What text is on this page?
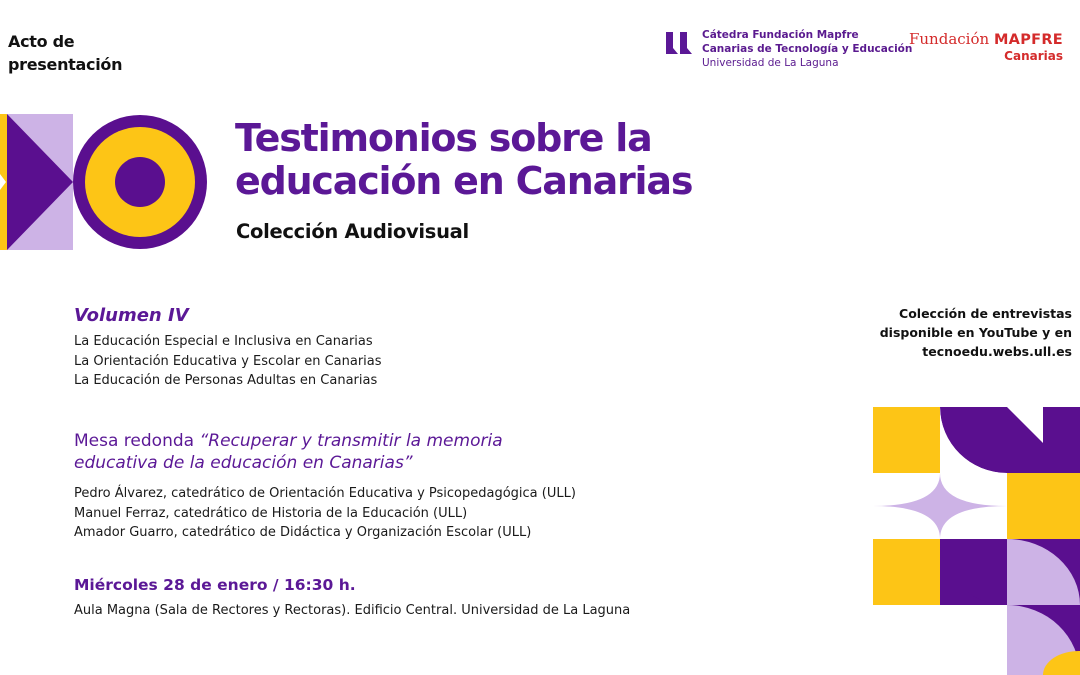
Acto de
presentación
Cátedra Fundación Mapfre
Canarias de Tecnología y Educación
Universidad de La Laguna
Fundación MAPFRE
Canarias
Testimonios sobre la
educación en Canarias
Colección Audiovisual
Volumen IV
La Educación Especial e Inclusiva en Canarias
La Orientación Educativa y Escolar en Canarias
La Educación de Personas Adultas en Canarias
Mesa redonda “Recuperar y transmitir la memoria
educativa de la educación en Canarias”
Pedro Álvarez, catedrático de Orientación Educativa y Psicopedagógica (ULL)
Manuel Ferraz, catedrático de Historia de la Educación (ULL)
Amador Guarro, catedrático de Didáctica y Organización Escolar (ULL)
Miércoles 28 de enero / 16:30 h.
Aula Magna (Sala de Rectores y Rectoras). Edificio Central. Universidad de La Laguna
Colección de entrevistas
disponible en YouTube y en
tecnoedu.webs.ull.es
